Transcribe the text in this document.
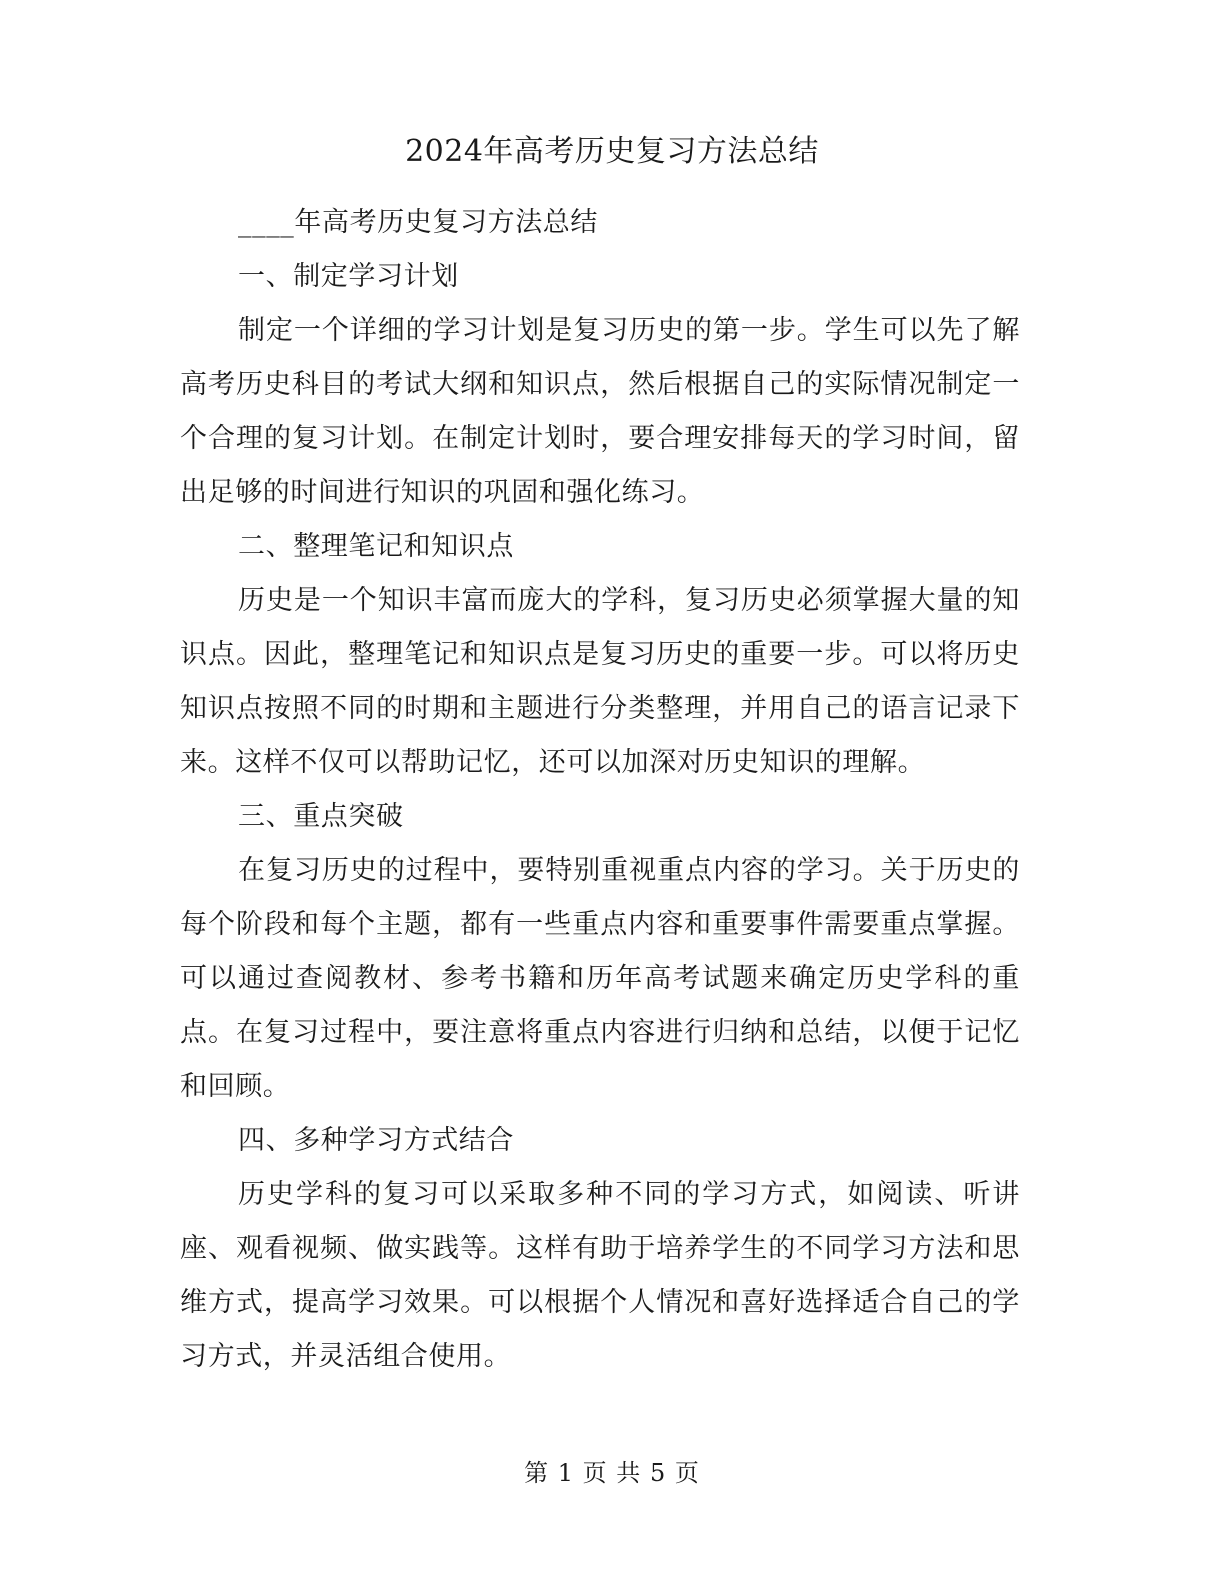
2024年高考历史复习方法总结

____年高考历史复习方法总结

一、制定学习计划

制定一个详细的学习计划是复习历史的第一步。学生可以先了解高考历史科目的考试大纲和知识点，然后根据自己的实际情况制定一个合理的复习计划。在制定计划时，要合理安排每天的学习时间，留出足够的时间进行知识的巩固和强化练习。

二、整理笔记和知识点

历史是一个知识丰富而庞大的学科，复习历史必须掌握大量的知识点。因此，整理笔记和知识点是复习历史的重要一步。可以将历史知识点按照不同的时期和主题进行分类整理，并用自己的语言记录下来。这样不仅可以帮助记忆，还可以加深对历史知识的理解。

三、重点突破

在复习历史的过程中，要特别重视重点内容的学习。关于历史的每个阶段和每个主题，都有一些重点内容和重要事件需要重点掌握。可以通过查阅教材、参考书籍和历年高考试题来确定历史学科的重点。在复习过程中，要注意将重点内容进行归纳和总结，以便于记忆和回顾。

四、多种学习方式结合

历史学科的复习可以采取多种不同的学习方式，如阅读、听讲座、观看视频、做实践等。这样有助于培养学生的不同学习方法和思维方式，提高学习效果。可以根据个人情况和喜好选择适合自己的学习方式，并灵活组合使用。

第 1 页 共 5 页
